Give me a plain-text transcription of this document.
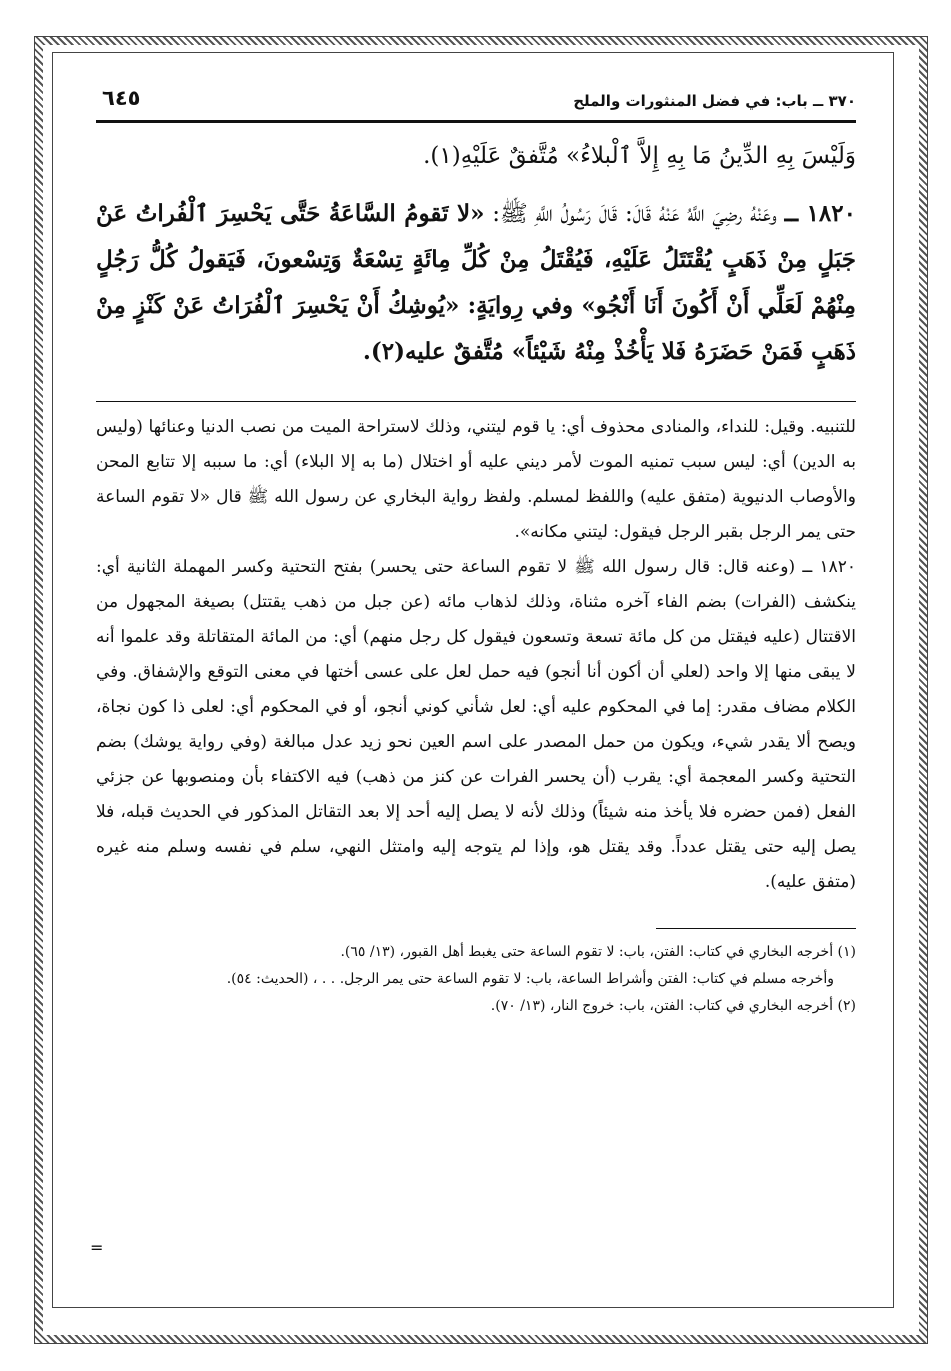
٣٧٠ ــ باب: في فضل المنثورات والملح
٦٤٥

وَلَيْسَ بِهِ الدِّينُ مَا بِهِ إِلاَّ ٱلْبلاءُ» مُتَّفقٌ عَلَيْهِ(١).

١٨٢٠ ــ وعَنْهُ رضِيَ اللَّهُ عَنْهُ قَالَ: قَالَ رَسُولُ اللَّهِ ﷺ: «لا تَقومُ السَّاعَةُ حَتَّى يَحْسِرَ ٱلْفُراتُ عَنْ جَبَلٍ مِنْ ذَهَبٍ يُقْتَتَلُ عَلَيْهِ، فَيُقْتَلُ مِنْ كُلِّ مِائَةٍ تِسْعَةٌ وَتِسْعونَ، فَيَقولُ كُلُّ رَجُلٍ مِنْهُمْ لَعَلِّي أَنْ أَكُونَ أَنَا أَنْجُو» وفي رِوايَةٍ: «يُوشِكُ أَنْ يَحْسِرَ ٱلْفُرَاتُ عَنْ كَنْزٍ مِنْ ذَهَبٍ فَمَنْ حَضَرَهُ فَلا يَأْخُذْ مِنْهُ شَيْئاً» مُتَّفقٌ عليه(٢).

للتنبيه. وقيل: للنداء، والمنادى محذوف أي: يا قوم ليتني، وذلك لاستراحة الميت من نصب الدنيا وعنائها (وليس به الدين) أي: ليس سبب تمنيه الموت لأمر ديني عليه أو اختلال (ما به إلا البلاء) أي: ما سببه إلا تتابع المحن والأوصاب الدنيوية (متفق عليه) واللفظ لمسلم. ولفظ رواية البخاري عن رسول الله ﷺ قال «لا تقوم الساعة حتى يمر الرجل بقبر الرجل فيقول: ليتني مكانه».

١٨٢٠ ــ (وعنه قال: قال رسول الله ﷺ لا تقوم الساعة حتى يحسر) بفتح التحتية وكسر المهملة الثانية أي: ينكشف (الفرات) بضم الفاء آخره مثناة، وذلك لذهاب مائه (عن جبل من ذهب يقتتل) بصيغة المجهول من الاقتتال (عليه فيقتل من كل مائة تسعة وتسعون فيقول كل رجل منهم) أي: من المائة المتقاتلة وقد علموا أنه لا يبقى منها إلا واحد (لعلي أن أكون أنا أنجو) فيه حمل لعل على عسى أختها في معنى التوقع والإشفاق. وفي الكلام مضاف مقدر: إما في المحكوم عليه أي: لعل شأني كوني أنجو، أو في المحكوم أي: لعلى ذا كون نجاة، ويصح ألا يقدر شيء، ويكون من حمل المصدر على اسم العين نحو زيد عدل مبالغة (وفي رواية يوشك) بضم التحتية وكسر المعجمة أي: يقرب (أن يحسر الفرات عن كنز من ذهب) فيه الاكتفاء بأن ومنصوبها عن جزئي الفعل (فمن حضره فلا يأخذ منه شيئاً) وذلك لأنه لا يصل إليه أحد إلا بعد التقاتل المذكور في الحديث قبله، فلا يصل إليه حتى يقتل عدداً. وقد يقتل هو، وإذا لم يتوجه إليه وامتثل النهي، سلم في نفسه وسلم منه غيره (متفق عليه).

(١) أخرجه البخاري في كتاب: الفتن، باب: لا تقوم الساعة حتى يغبط أهل القبور، (١٣/ ٦٥).

وأخرجه مسلم في كتاب: الفتن وأشراط الساعة، باب: لا تقوم الساعة حتى يمر الرجل. . . ، (الحديث: ٥٤).

(٢) أخرجه البخاري في كتاب: الفتن، باب: خروج النار، (١٣/ ٧٠).

=
